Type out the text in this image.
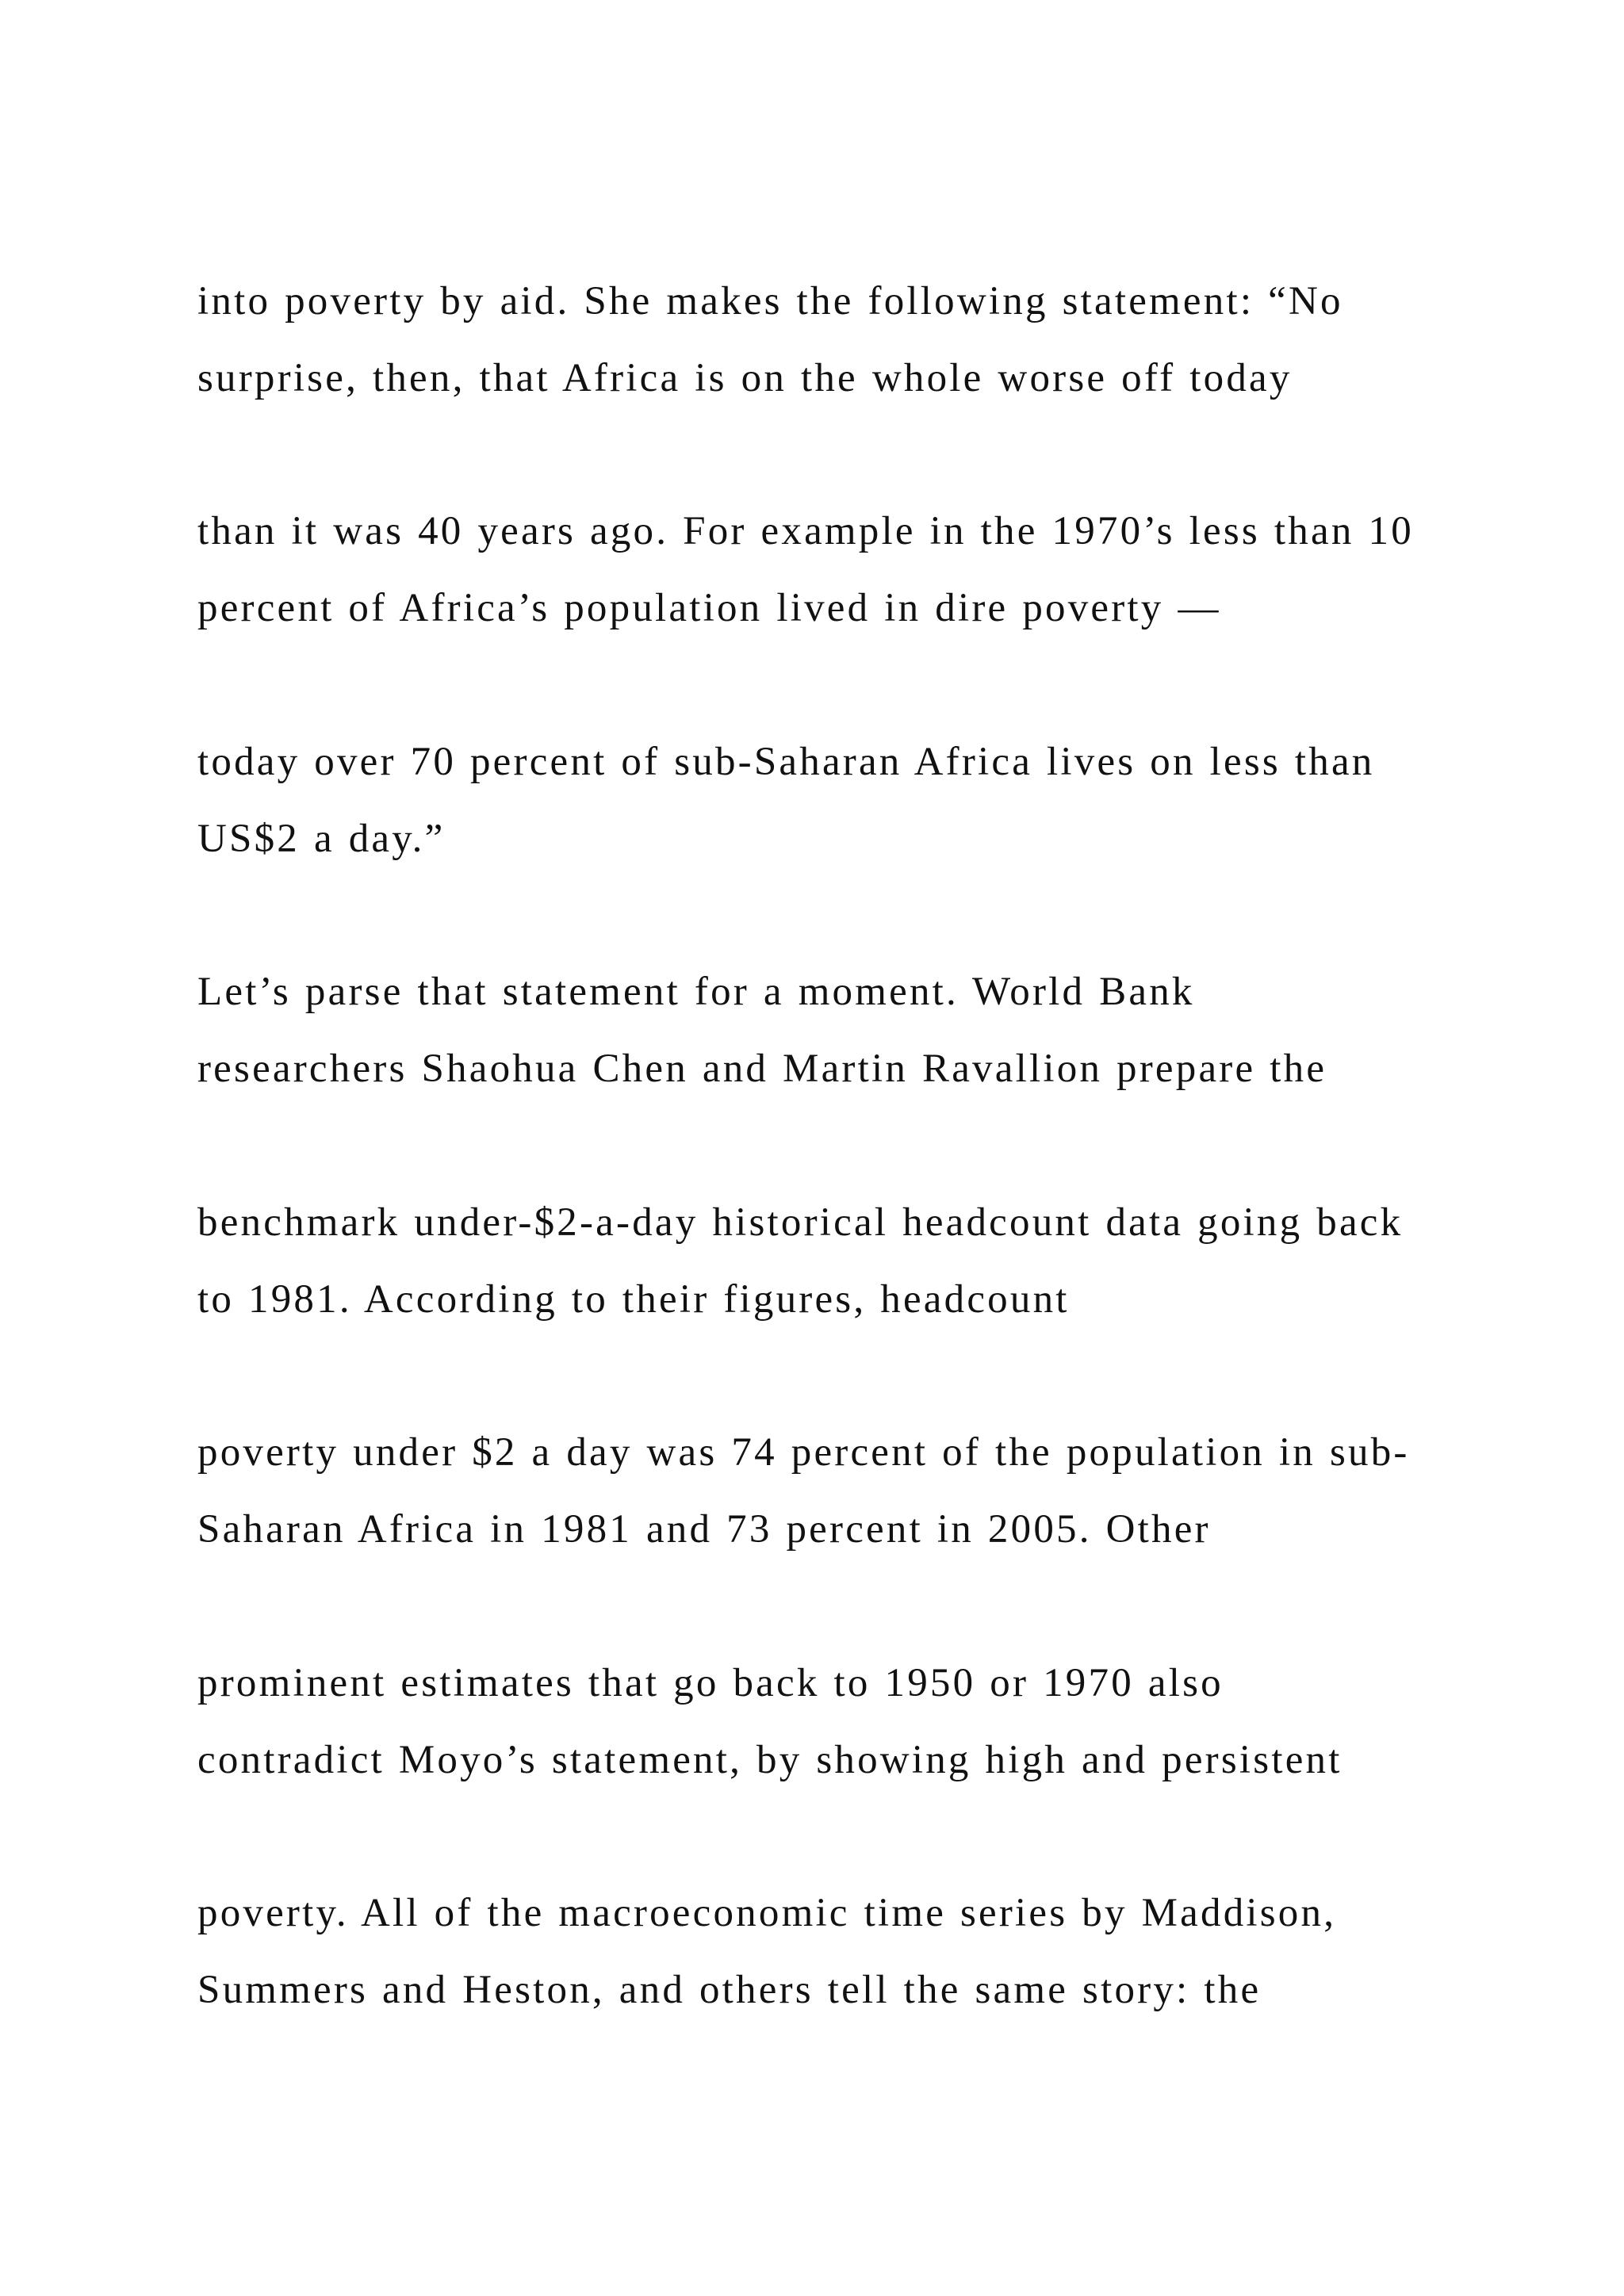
into poverty by aid. She makes the following statement: “No
surprise, then, that Africa is on the whole worse off today
than it was 40 years ago. For example in the 1970’s less than 10
percent of Africa’s population lived in dire poverty —
today over 70 percent of sub-Saharan Africa lives on less than
US$2 a day.”
Let’s parse that statement for a moment. World Bank
researchers Shaohua Chen and Martin Ravallion prepare the
benchmark under-$2-a-day historical headcount data going back
to 1981. According to their figures, headcount
poverty under $2 a day was 74 percent of the population in sub-
Saharan Africa in 1981 and 73 percent in 2005. Other
prominent estimates that go back to 1950 or 1970 also
contradict Moyo’s statement, by showing high and persistent
poverty. All of the macroeconomic time series by Maddison,
Summers and Heston, and others tell the same story: the
